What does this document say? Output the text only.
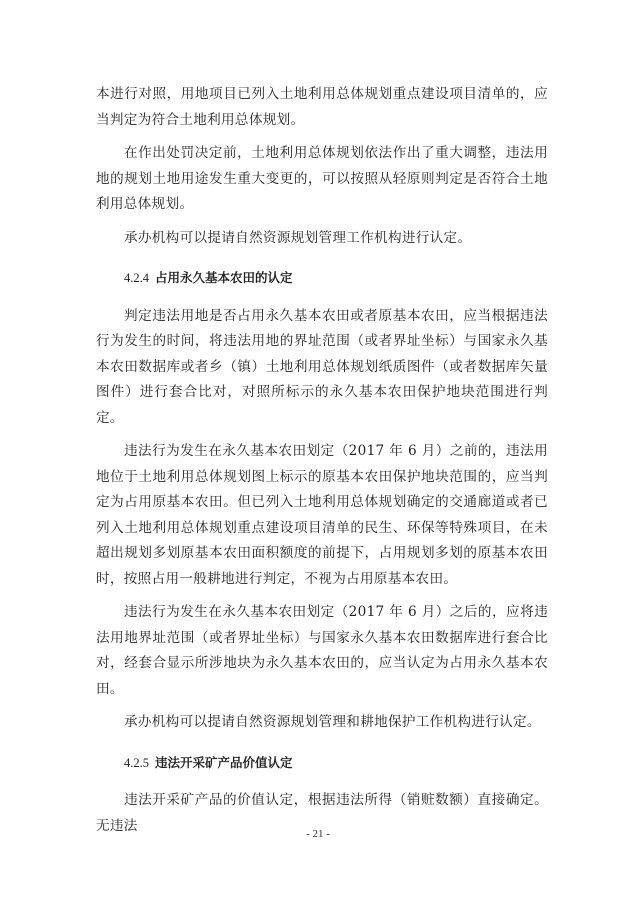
本进行对照，用地项目已列入土地利用总体规划重点建设项目清单的，应当判定为符合土地利用总体规划。

在作出处罚决定前，土地利用总体规划依法作出了重大调整，违法用地的规划土地用途发生重大变更的，可以按照从轻原则判定是否符合土地利用总体规划。

承办机构可以提请自然资源规划管理工作机构进行认定。

4.2.4 占用永久基本农田的认定

判定违法用地是否占用永久基本农田或者原基本农田，应当根据违法行为发生的时间，将违法用地的界址范围（或者界址坐标）与国家永久基本农田数据库或者乡（镇）土地利用总体规划纸质图件（或者数据库矢量图件）进行套合比对，对照所标示的永久基本农田保护地块范围进行判定。

违法行为发生在永久基本农田划定（2017 年 6 月）之前的，违法用地位于土地利用总体规划图上标示的原基本农田保护地块范围的，应当判定为占用原基本农田。但已列入土地利用总体规划确定的交通廊道或者已列入土地利用总体规划重点建设项目清单的民生、环保等特殊项目，在未超出规划多划原基本农田面积额度的前提下，占用规划多划的原基本农田时，按照占用一般耕地进行判定，不视为占用原基本农田。

违法行为发生在永久基本农田划定（2017 年 6 月）之后的，应将违法用地界址范围（或者界址坐标）与国家永久基本农田数据库进行套合比对，经套合显示所涉地块为永久基本农田的，应当认定为占用永久基本农田。

承办机构可以提请自然资源规划管理和耕地保护工作机构进行认定。

4.2.5 违法开采矿产品价值认定

违法开采矿产品的价值认定，根据违法所得（销赃数额）直接确定。无违法

- 21 -
